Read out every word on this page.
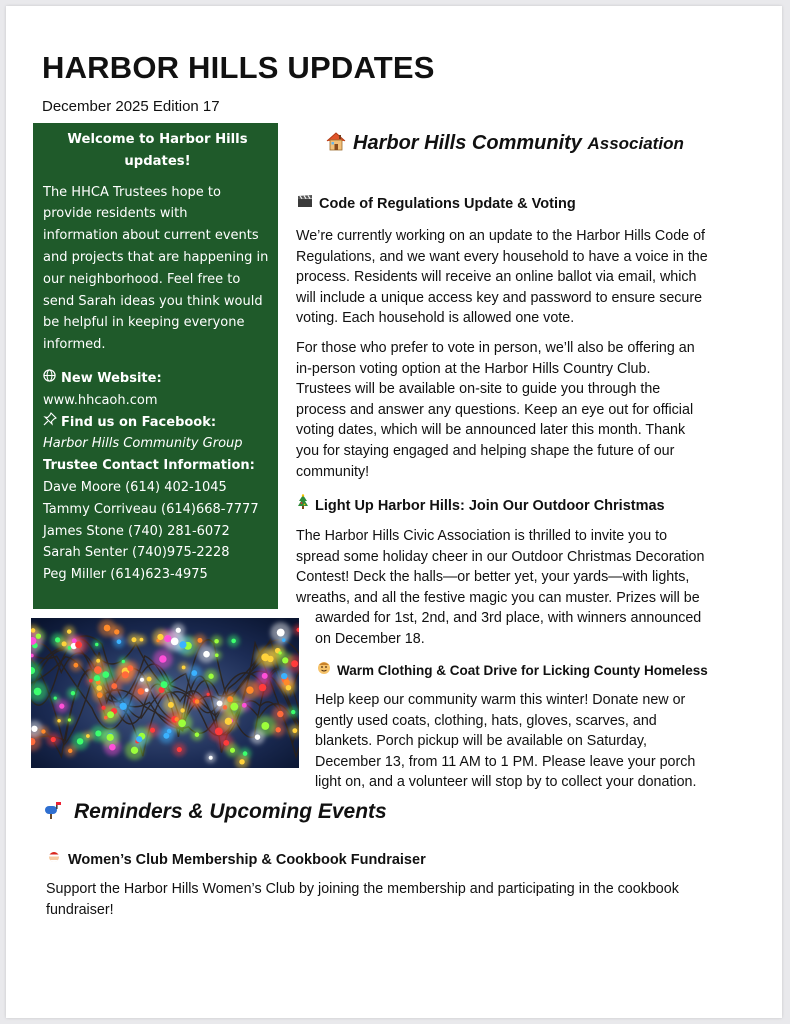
HARBOR HILLS UPDATES
December 2025 Edition 17
Welcome to Harbor Hills
updates!
The HHCA Trustees hope to
provide residents with
information about current events
and projects that are happening in
our neighborhood. Feel free to
send Sarah ideas you think would
be helpful in keeping everyone
informed.
New Website:
www.hhcaoh.com
Find us on Facebook:
Harbor Hills Community Group
Trustee Contact Information:
Dave Moore (614) 402-1045
Tammy Corriveau (614)668-7777
James Stone (740) 281-6072
Sarah Senter (740)975-2228
Peg Miller (614)623-4975
Harbor Hills Community Association
Code of Regulations Update & Voting
We’re currently working on an update to the Harbor Hills Code of
Regulations, and we want every household to have a voice in the
process. Residents will receive an online ballot via email, which
will include a unique access key and password to ensure secure
voting. Each household is allowed one vote.
For those who prefer to vote in person, we’ll also be offering an
in-person voting option at the Harbor Hills Country Club.
Trustees will be available on-site to guide you through the
process and answer any questions. Keep an eye out for official
voting dates, which will be announced later this month. Thank
you for staying engaged and helping shape the future of our
community!
Light Up Harbor Hills: Join Our Outdoor Christmas
The Harbor Hills Civic Association is thrilled to invite you to
spread some holiday cheer in our Outdoor Christmas Decoration
Contest! Deck the halls—or better yet, your yards—with lights,
wreaths, and all the festive magic you can muster. Prizes will be
awarded for 1st, 2nd, and 3rd place, with winners announced
on December 18.
Warm Clothing & Coat Drive for Licking County Homeless
Help keep our community warm this winter! Donate new or
gently used coats, clothing, hats, gloves, scarves, and
blankets. Porch pickup will be available on Saturday,
December 13, from 11 AM to 1 PM. Please leave your porch
light on, and a volunteer will stop by to collect your donation.
Reminders & Upcoming Events
Women’s Club Membership & Cookbook Fundraiser
Support the Harbor Hills Women’s Club by joining the membership and participating in the cookbook
fundraiser!
